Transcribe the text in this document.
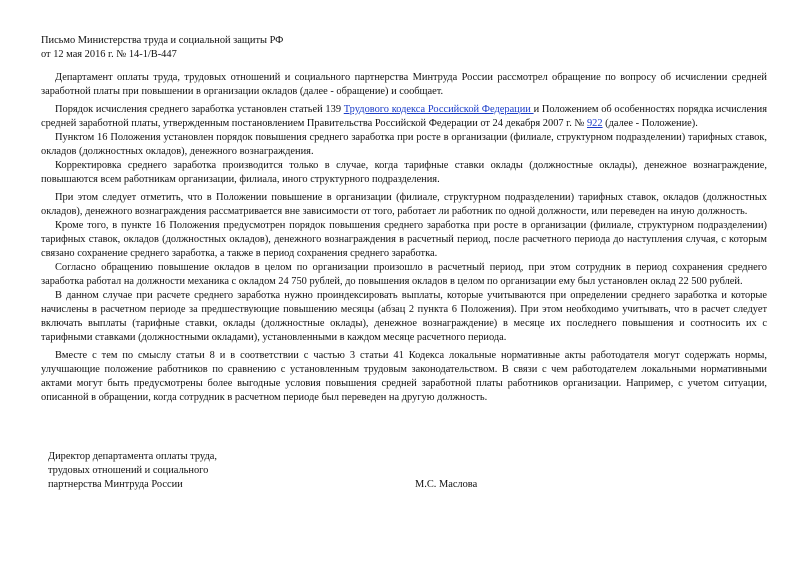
Письмо Министерства труда и социальной защиты РФ
от 12 мая 2016 г. № 14-1/В-447

Департамент оплаты труда, трудовых отношений и социального партнерства Минтруда России рассмотрел обращение по вопросу об исчислении средней заработной платы при повышении в организации окладов (далее - обращение) и сообщает.

Порядок исчисления среднего заработка установлен статьей 139 Трудового кодекса Российской Федерации и Положением об особенностях порядка исчисления средней заработной платы, утвержденным постановлением Правительства Российской Федерации от 24 декабря 2007 г. № 922 (далее - Положение).

Пунктом 16 Положения установлен порядок повышения среднего заработка при росте в организации (филиале, структурном подразделении) тарифных ставок, окладов (должностных окладов), денежного вознаграждения.

Корректировка среднего заработка производится только в случае, когда тарифные ставки оклады (должностные оклады), денежное вознаграждение, повышаются всем работникам организации, филиала, иного структурного подразделения.

При этом следует отметить, что в Положении повышение в организации (филиале, структурном подразделении) тарифных ставок, окладов (должностных окладов), денежного вознаграждения рассматривается вне зависимости от того, работает ли работник по одной должности, или переведен на иную должность.

Кроме того, в пункте 16 Положения предусмотрен порядок повышения среднего заработка при росте в организации (филиале, структурном подразделении) тарифных ставок, окладов (должностных окладов), денежного вознаграждения в расчетный период, после расчетного периода до наступления случая, с которым связано сохранение среднего заработка, а также в период сохранения среднего заработка.

Согласно обращению повышение окладов в целом по организации произошло в расчетный период, при этом сотрудник в период сохранения среднего заработка работал на должности механика с окладом 24 750 рублей, до повышения окладов в целом по организации ему был установлен оклад 22 500 рублей.

В данном случае при расчете среднего заработка нужно проиндексировать выплаты, которые учитываются при определении среднего заработка и которые начислены в расчетном периоде за предшествующие повышению месяцы (абзац 2 пункта 6 Положения). При этом необходимо учитывать, что в расчет следует включать выплаты (тарифные ставки, оклады (должностные оклады), денежное вознаграждение) в месяце их последнего повышения и соотносить их с тарифными ставками (должностными окладами), установленными в каждом месяце расчетного периода.

Вместе с тем по смыслу статьи 8 и в соответствии с частью 3 статьи 41 Кодекса локальные нормативные акты работодателя могут содержать нормы, улучшающие положение работников по сравнению с установленным трудовым законодательством. В связи с чем работодателем локальными нормативными актами могут быть предусмотрены более выгодные условия повышения средней заработной платы работников организации. Например, с учетом ситуации, описанной в обращении, когда сотрудник в расчетном периоде был переведен на другую должность.

Директор департамента оплаты труда,
трудовых отношений и социального
партнерства Минтруда России	М.С. Маслова
